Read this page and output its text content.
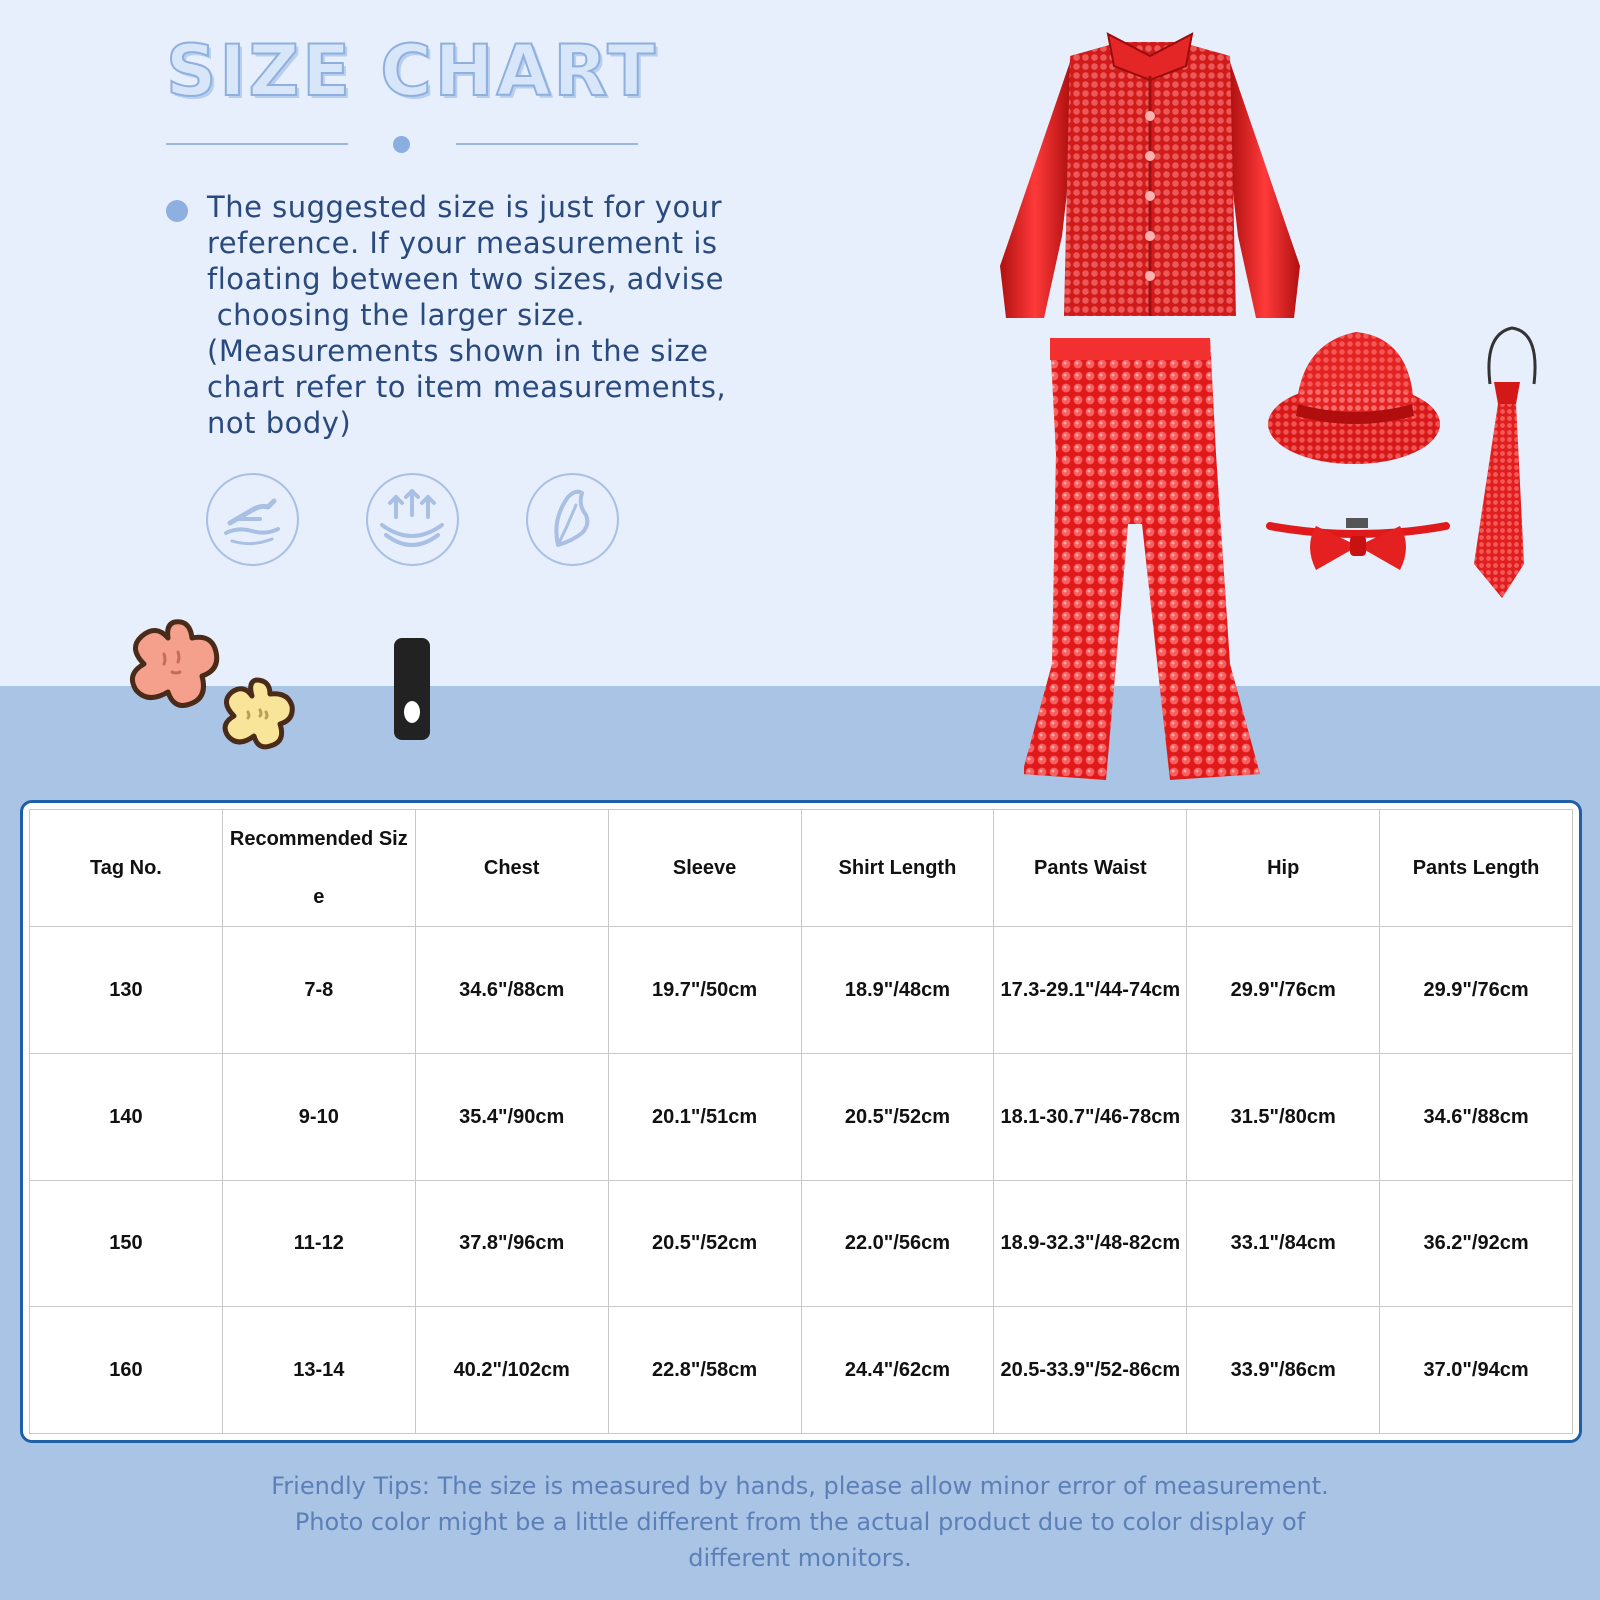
SIZE CHART
The suggested size is just for your
reference. If your measurement is
floating between two sizes, advise
choosing the larger size.
(Measurements shown in the size
chart refer to item measurements,
not body)
Tag No.	Recommended Size	Chest	Sleeve	Shirt Length	Pants Waist	Hip	Pants Length
130	7-8	34.6"/88cm	19.7"/50cm	18.9"/48cm	17.3-29.1"/44-74cm	29.9"/76cm	29.9"/76cm
140	9-10	35.4"/90cm	20.1"/51cm	20.5"/52cm	18.1-30.7"/46-78cm	31.5"/80cm	34.6"/88cm
150	11-12	37.8"/96cm	20.5"/52cm	22.0"/56cm	18.9-32.3"/48-82cm	33.1"/84cm	36.2"/92cm
160	13-14	40.2"/102cm	22.8"/58cm	24.4"/62cm	20.5-33.9"/52-86cm	33.9"/86cm	37.0"/94cm
Friendly Tips: The size is measured by hands, please allow minor error of measurement.
Photo color might be a little different from the actual product due to color display of
different monitors.
